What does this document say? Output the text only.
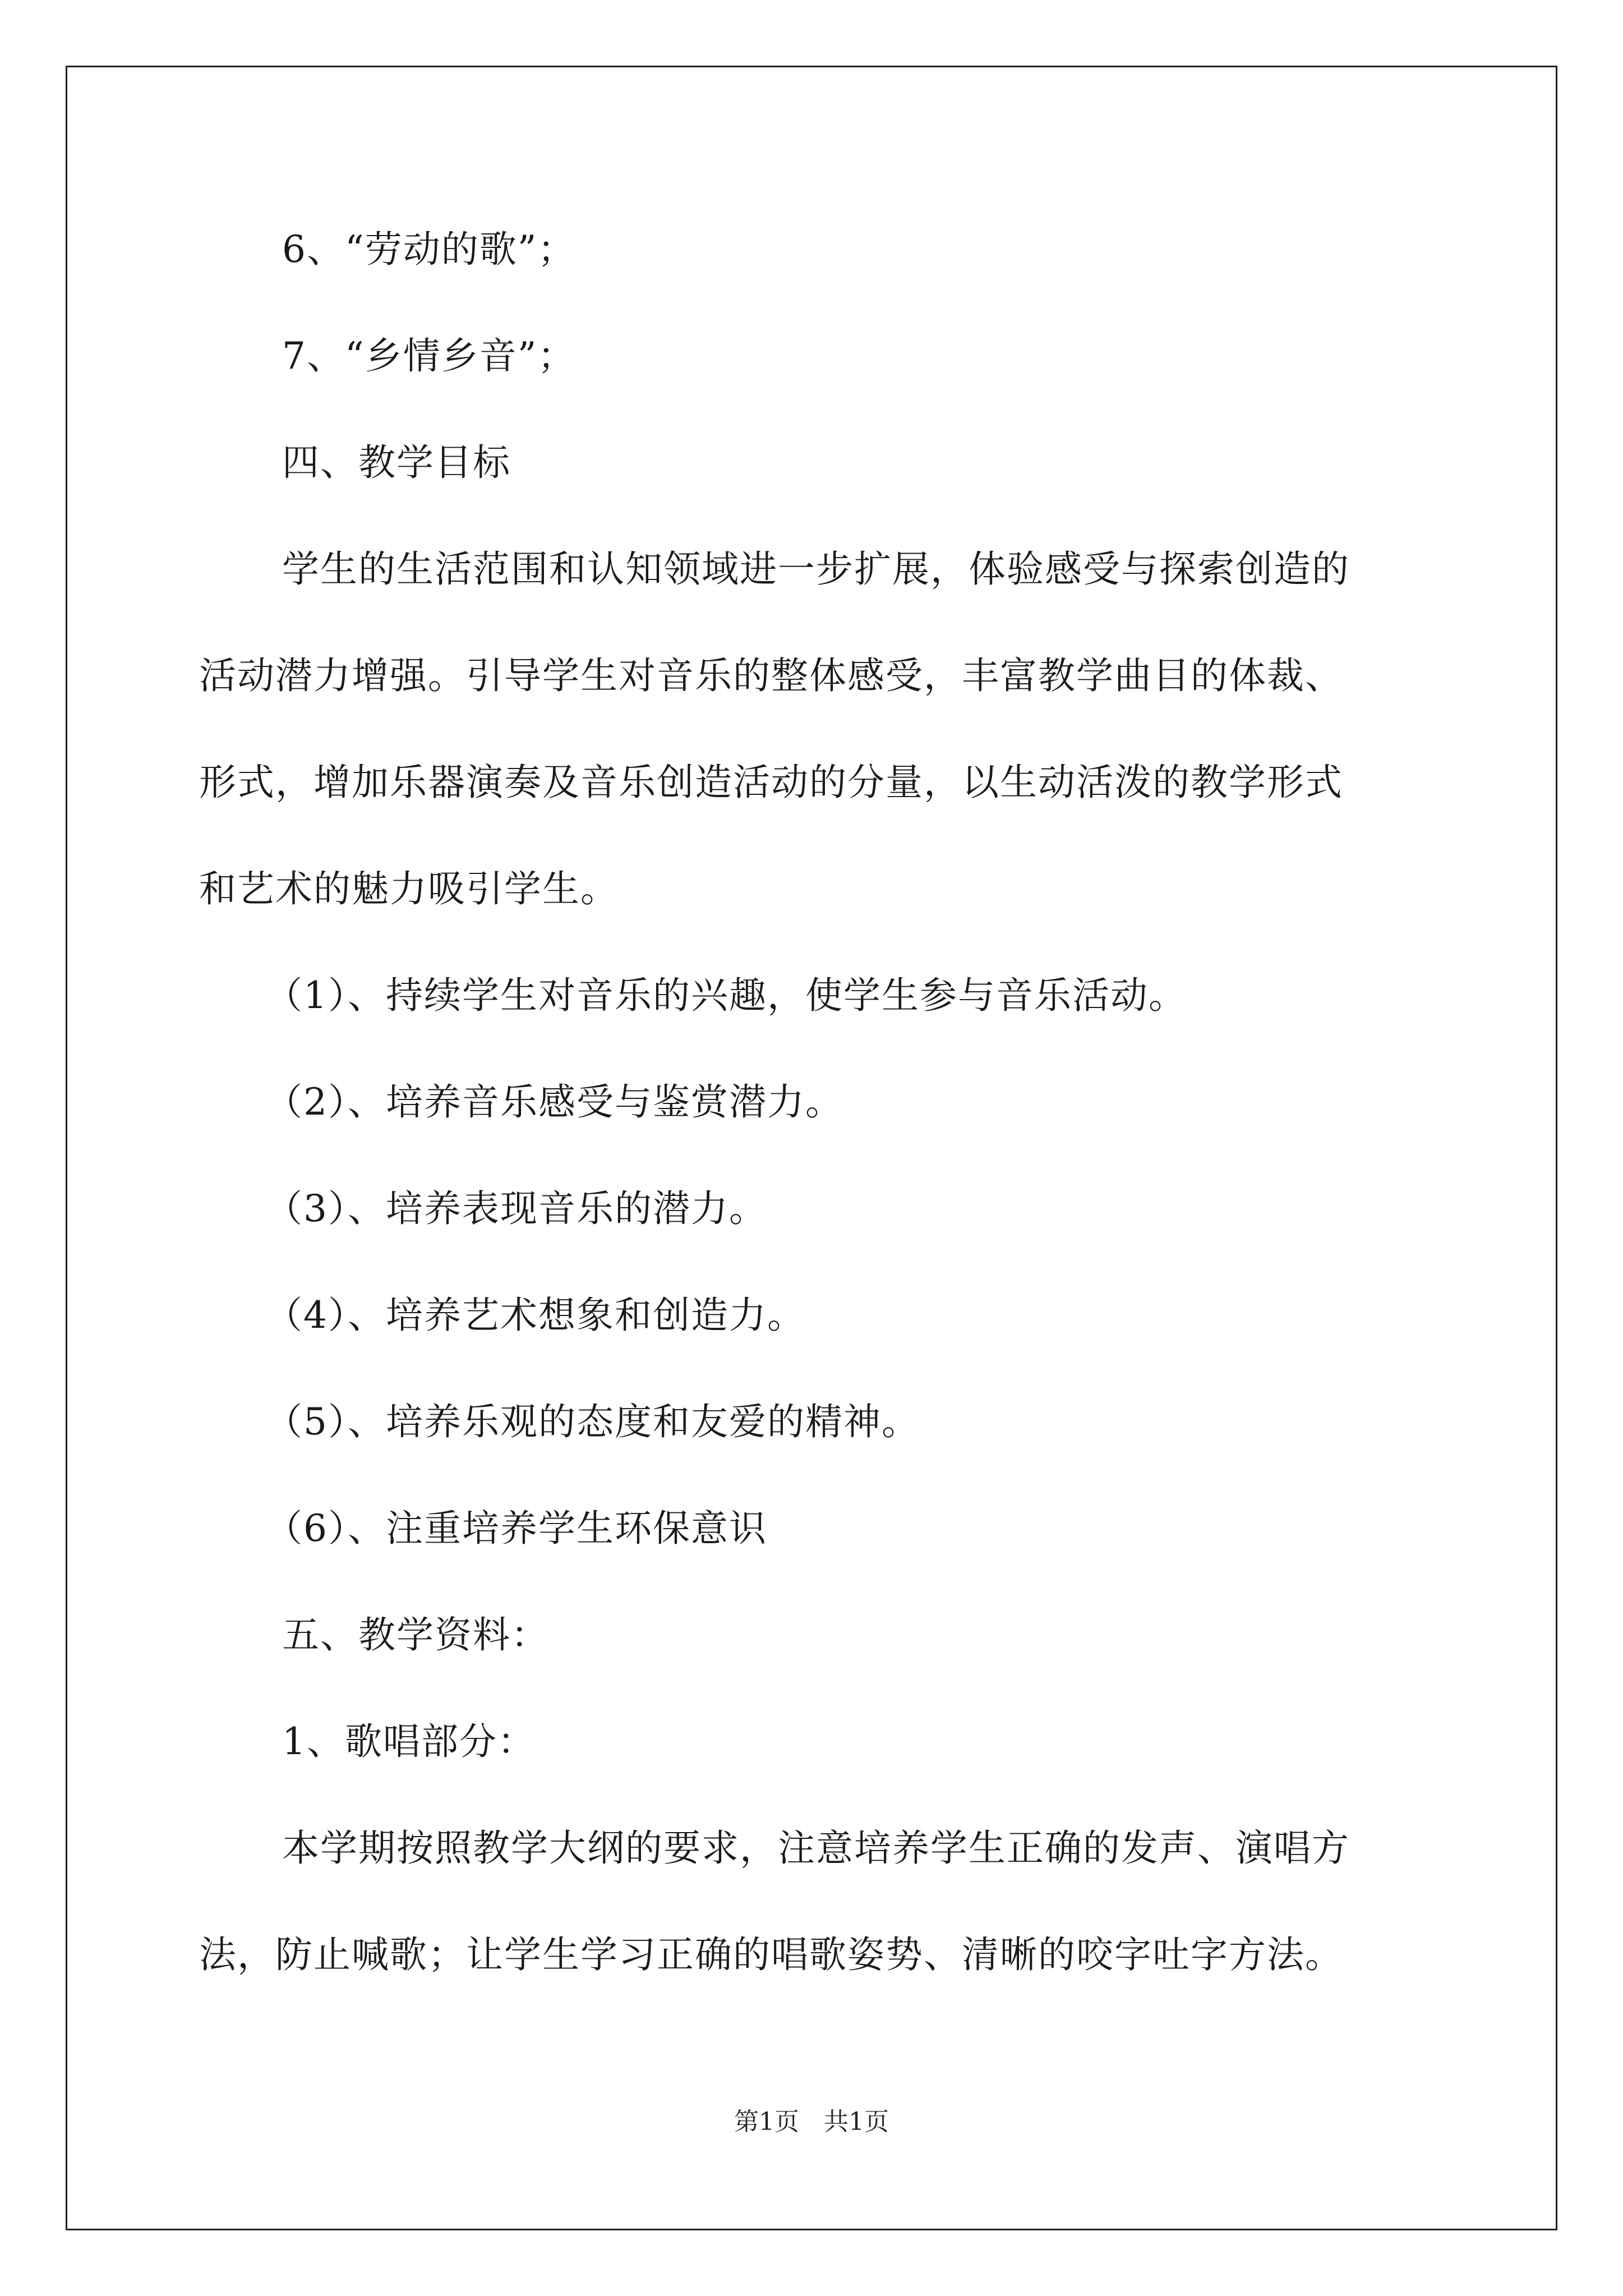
6、“劳动的歌”；
7、“乡情乡音”；
四、教学目标
学生的生活范围和认知领域进一步扩展，体验感受与探索创造的
活动潜力增强。引导学生对音乐的整体感受，丰富教学曲目的体裁、
形式，增加乐器演奏及音乐创造活动的分量，以生动活泼的教学形式
和艺术的魅力吸引学生。
（1）、持续学生对音乐的兴趣，使学生参与音乐活动。
（2）、培养音乐感受与鉴赏潜力。
（3）、培养表现音乐的潜力。
（4）、培养艺术想象和创造力。
（5）、培养乐观的态度和友爱的精神。
（6）、注重培养学生环保意识
五、教学资料：
1、歌唱部分：
本学期按照教学大纲的要求，注意培养学生正确的发声、演唱方
法，防止喊歌；让学生学习正确的唱歌姿势、清晰的咬字吐字方法。
第1页　共1页
